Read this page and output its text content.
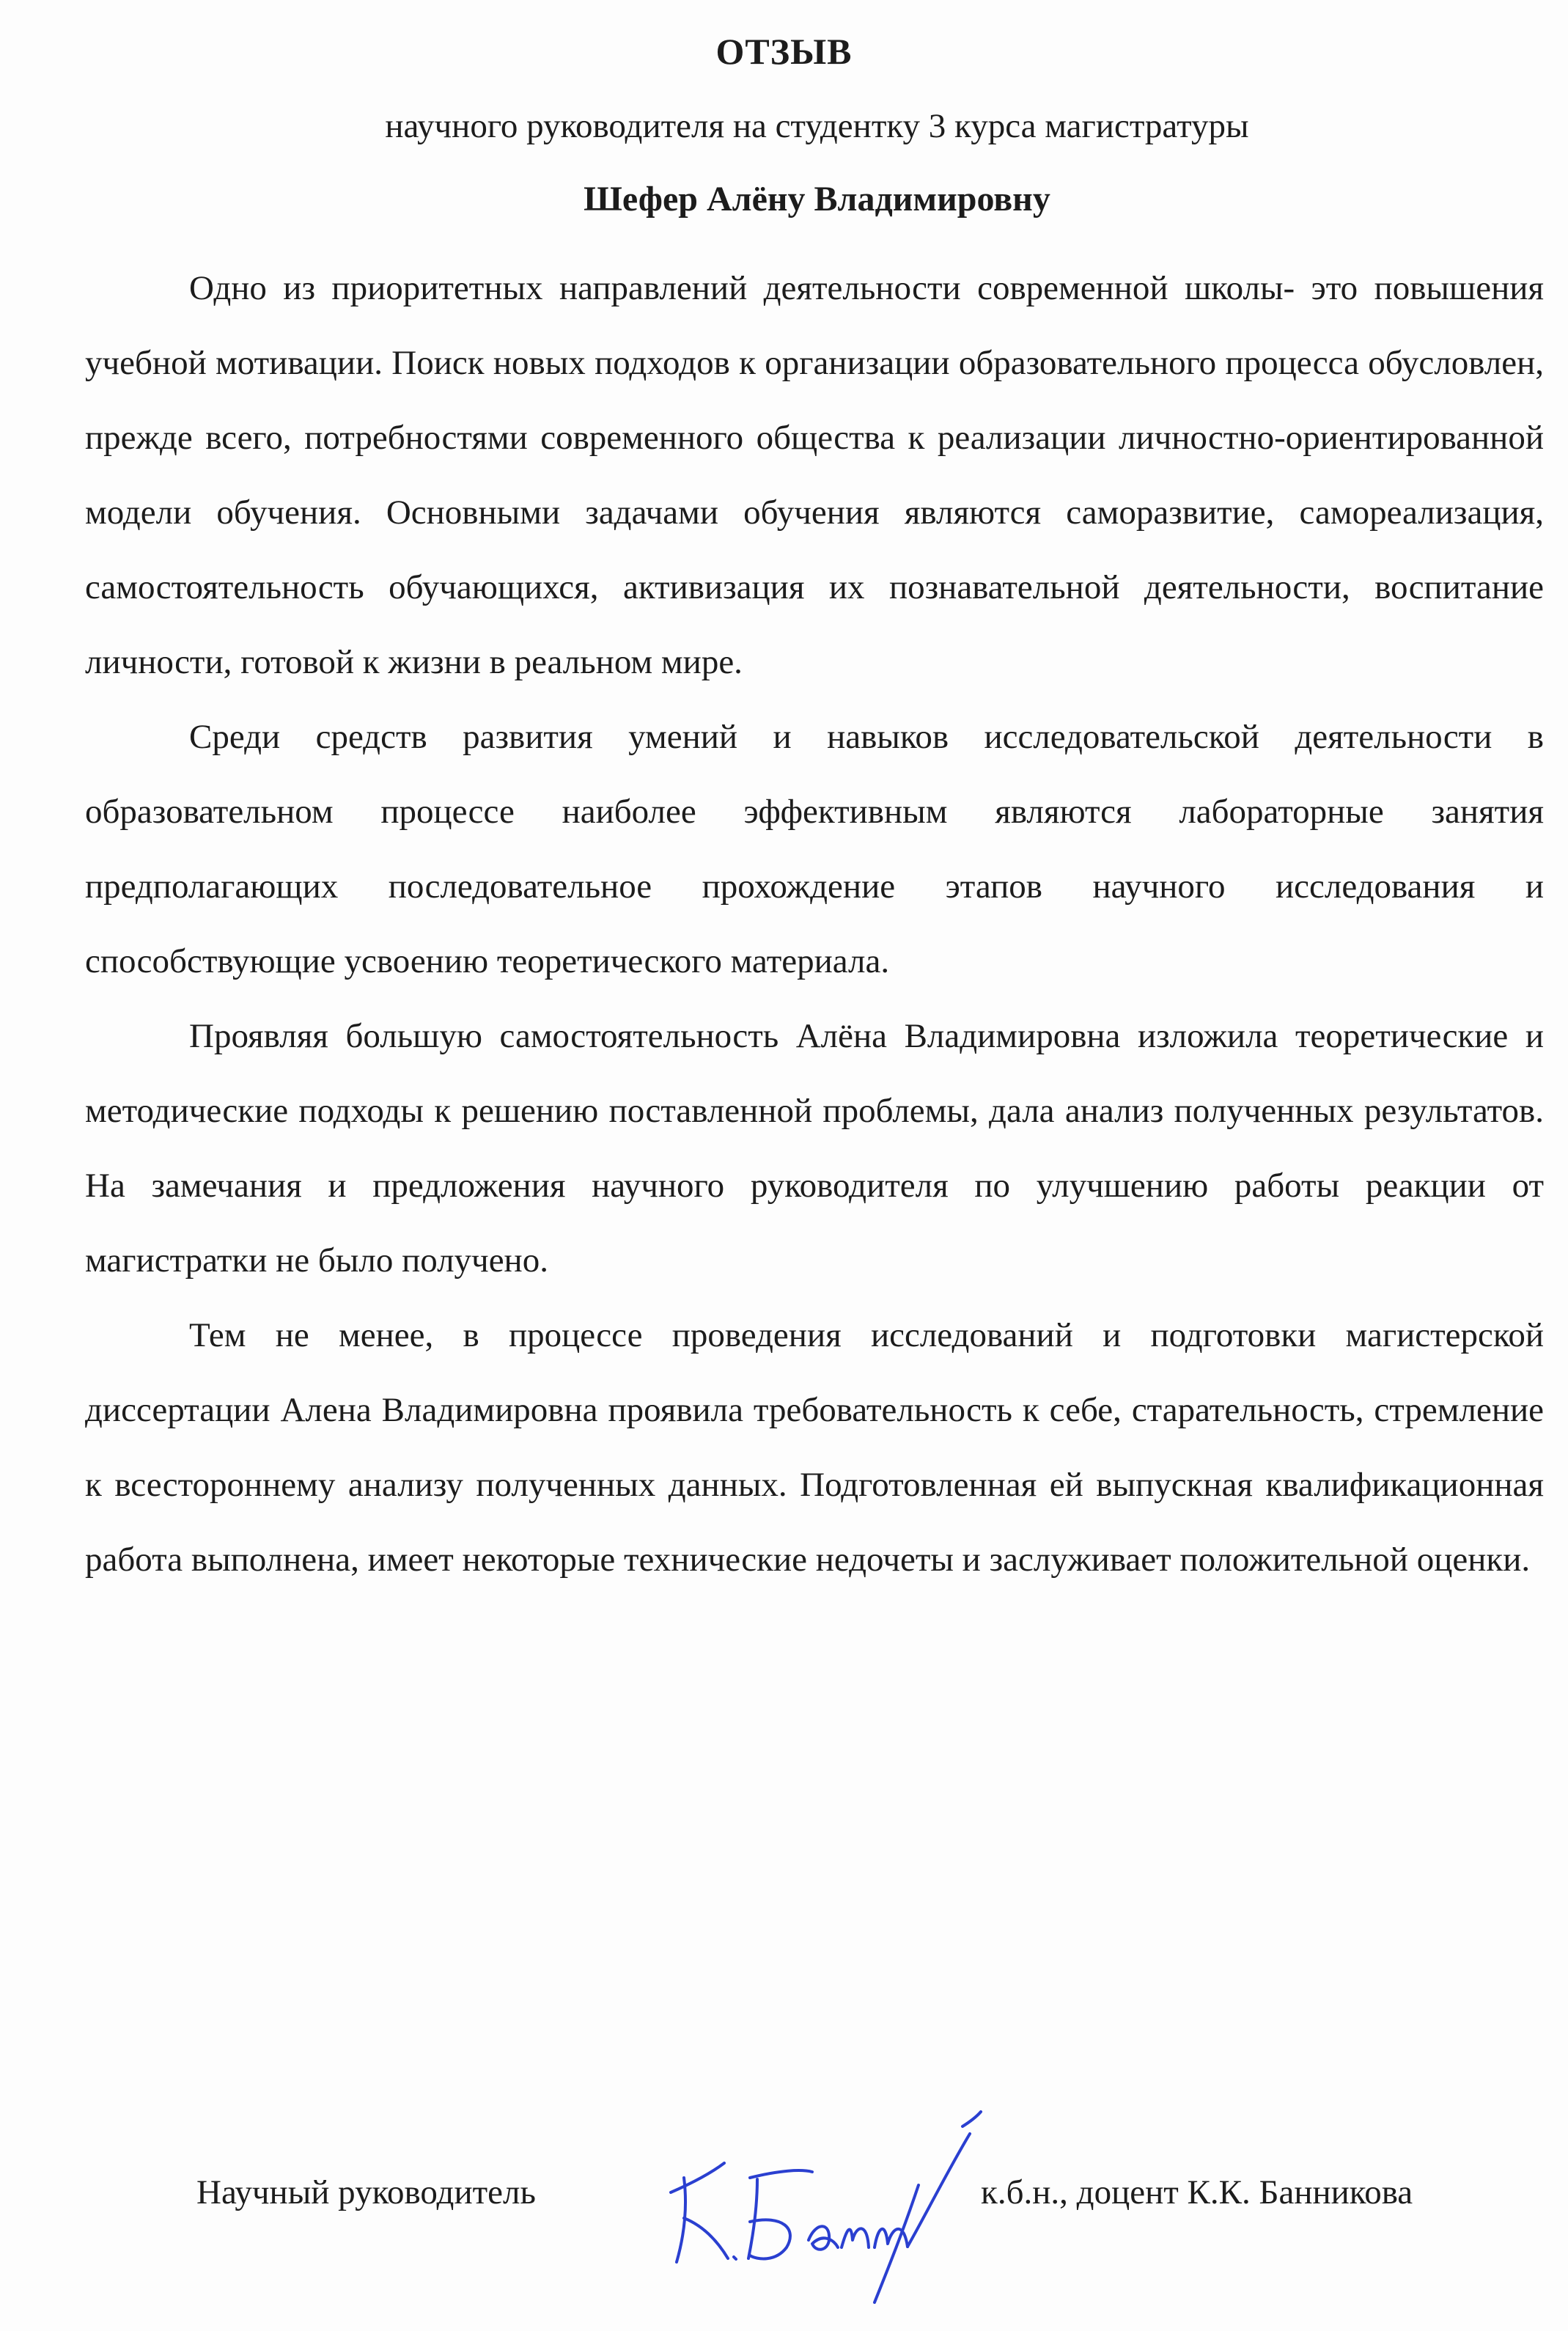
ОТЗЫВ
научного руководителя на студентку 3 курса магистратуры
Шефер Алёну Владимировну

Одно из приоритетных направлений деятельности современной школы- это повышения учебной мотивации. Поиск новых подходов к организации образовательного процесса обусловлен, прежде всего, потребностями современного общества к реализации личностно-ориентированной модели обучения. Основными задачами обучения являются саморазвитие, самореализация, самостоятельность обучающихся, активизация их познавательной деятельности, воспитание личности, готовой к жизни в реальном мире.

Среди средств развития умений и навыков исследовательской деятельности в образовательном процессе наиболее эффективным являются лабораторные занятия предполагающих последовательное прохождение этапов научного исследования и способствующие усвоению теоретического материала.

Проявляя большую самостоятельность Алёна Владимировна изложила теоретические и методические подходы к решению поставленной проблемы, дала анализ полученных результатов. На замечания и предложения научного руководителя по улучшению работы реакции от магистратки не было получено.

Тем не менее, в процессе проведения исследований и подготовки магистерской диссертации Алена Владимировна проявила требовательность к себе, старательность, стремление к всестороннему анализу полученных данных. Подготовленная ей выпускная квалификационная работа выполнена, имеет некоторые технические недочеты и заслуживает положительной оценки.

Научный руководитель	к.б.н., доцент К.К. Банникова
